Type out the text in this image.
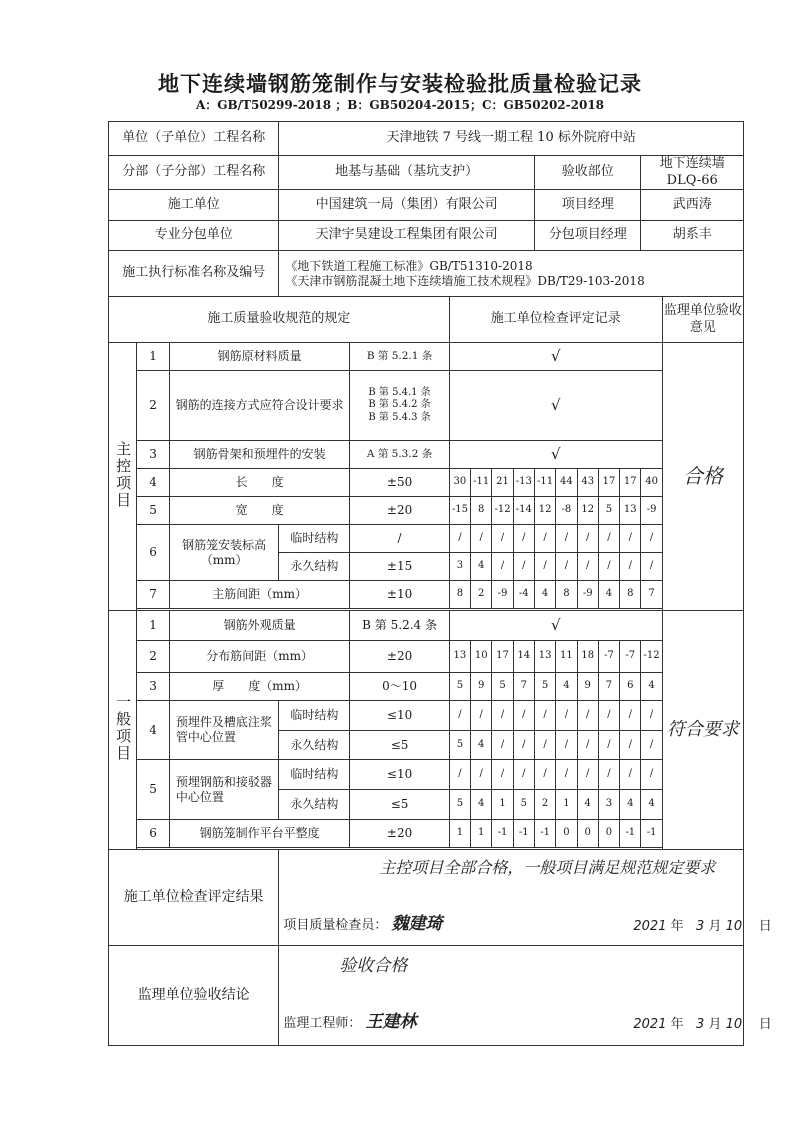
地下连续墙钢筋笼制作与安装检验批质量检验记录
A：GB/T50299-2018 ；B：GB50204-2015；C：GB50202-2018
单位（子单位）工程名称			天津地铁 7 号线一期工程 10 标外院府中站												
分部（子分部）工程名称			地基与基础（基坑支护）						验收部位					地下连续墙 DLQ-66	
施工单位			中国建筑一局（集团）有限公司						项目经理					武西涛	
专业分包单位			天津宇昊建设工程集团有限公司						分包项目经理					胡系丰	
施工执行标准名称及编号			《地下铁道工程施工标准》GB/T51310-2018
《天津市钢筋混凝土地下连续墙施工技术规程》DB/T29-103-2018												

施工质量验收规范的规定					施工单位检查评定记录										监理单位验收意见
主控项目	1	钢筋原材料质量		B 第 5.2.1 条	√										合格
	2	钢筋的连接方式应符合设计要求		B 第 5.4.1 条
B 第 5.4.2 条
B 第 5.4.3 条	√										
	3	钢筋骨架和预埋件的安装		A 第 5.3.2 条	√										
	4	长　　度		±50	30	-11	21	-13	-11	44	43	17	17	40	
	5	宽　　度		±20	-15	8	-12	-14	12	-8	12	5	13	-9	
	6	钢筋笼安装标高（mm）	临时结构	/	/	/	/	/	/	/	/	/	/	/	
			永久结构	±15	3	4	/	/	/	/	/	/	/	/	
	7	主筋间距（mm）		±10	8	2	-9	-4	4	8	-9	4	8	7	

一般项目	1	钢筋外观质量		B 第 5.2.4 条	√										符合要求
	2	分布筋间距（mm）		±20	13	10	17	14	13	11	18	-7	-7	-12	
	3	厚　　度（mm）		0～10	5	9	5	7	5	4	9	7	6	4	
	4	预埋件及槽底注浆管中心位置	临时结构	≤10	/	/	/	/	/	/	/	/	/	/	
			永久结构	≤5	5	4	/	/	/	/	/	/	/	/	
	5	预埋钢筋和接驳器中心位置	临时结构	≤10	/	/	/	/	/	/	/	/	/	/	
			永久结构	≤5	5	4	1	5	2	1	4	3	4	4	
	6	钢筋笼制作平台平整度		±20	1	1	-1	-1	-1	0	0	0	-1	-1	

施工单位检查评定结果			主控项目全部合格，一般项目满足规范规定要求
项目质量检查员： 魏建琦 2021 年 3 月 10 日												

监理单位验收结论			验收合格
监理工程师： 王建林 2021 年 3 月 10 日												
